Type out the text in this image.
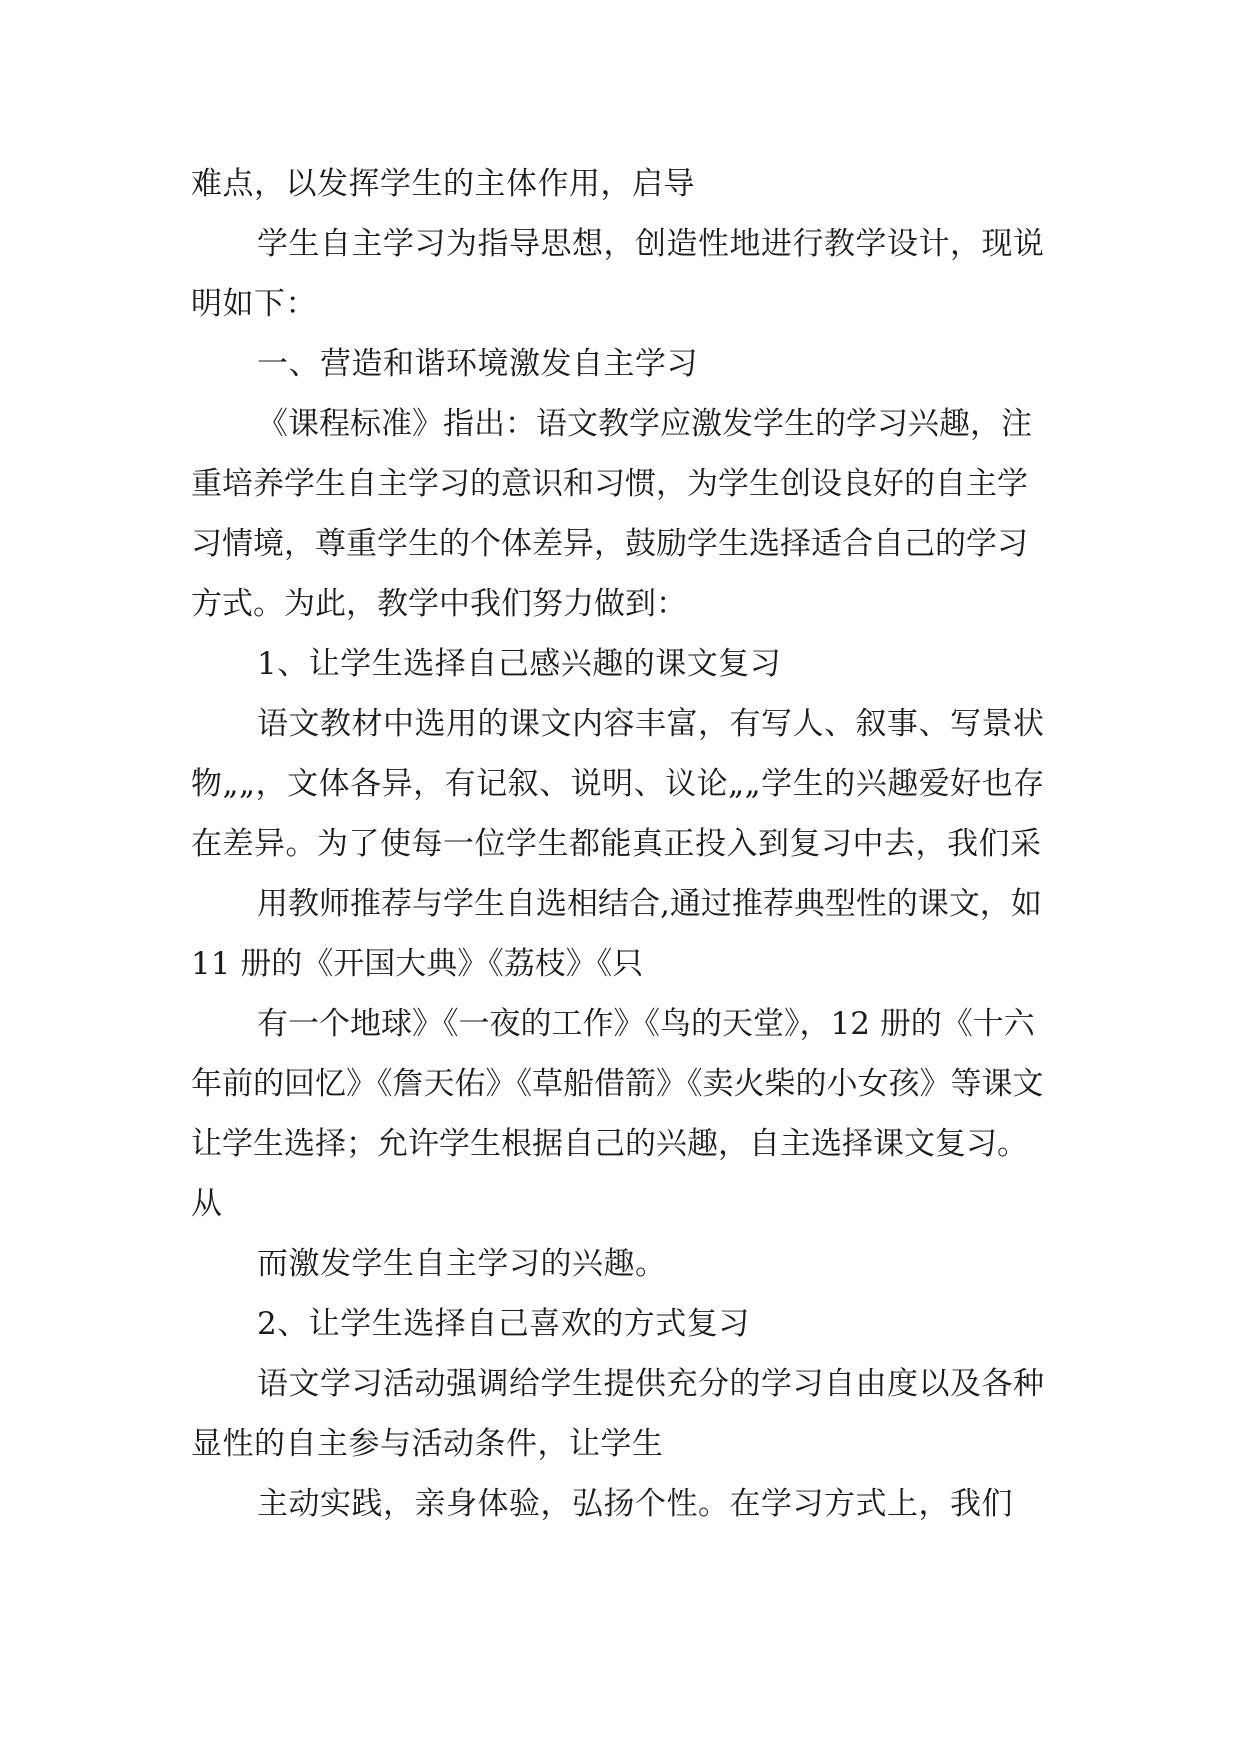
难点，以发挥学生的主体作用，启导

学生自主学习为指导思想，创造性地进行教学设计，现说明如下：

一、营造和谐环境激发自主学习

《课程标准》指出：语文教学应激发学生的学习兴趣，注重培养学生自主学习的意识和习惯，为学生创设良好的自主学习情境，尊重学生的个体差异，鼓励学生选择适合自己的学习方式。为此，教学中我们努力做到：

1、让学生选择自己感兴趣的课文复习

语文教材中选用的课文内容丰富，有写人、叙事、写景状物„„，文体各异，有记叙、说明、议论„„学生的兴趣爱好也存在差异。为了使每一位学生都能真正投入到复习中去，我们采

用教师推荐与学生自选相结合,通过推荐典型性的课文，如 11 册的《开国大典》《荔枝》《只

有一个地球》《一夜的工作》《鸟的天堂》，12 册的《十六年前的回忆》《詹天佑》《草船借箭》《卖火柴的小女孩》等课文让学生选择；允许学生根据自己的兴趣，自主选择课文复习。从

而激发学生自主学习的兴趣。

2、让学生选择自己喜欢的方式复习

语文学习活动强调给学生提供充分的学习自由度以及各种显性的自主参与活动条件，让学生

主动实践，亲身体验，弘扬个性。在学习方式上，我们
